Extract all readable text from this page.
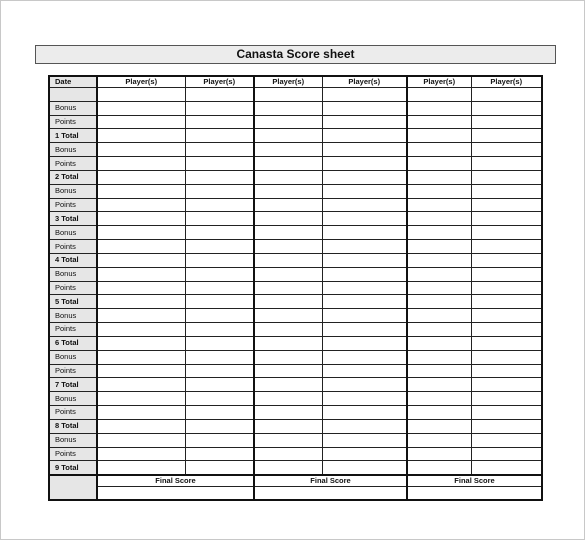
Canasta Score sheet
Date	Player(s)	Player(s)	Player(s)	Player(s)	Player(s)	Player(s)

Bonus						
Points						
1 Total						
Bonus						
Points						
2 Total						
Bonus						
Points						
3 Total						
Bonus						
Points						
4 Total						
Bonus						
Points						
5 Total						
Bonus						
Points						
6 Total						
Bonus						
Points						
7 Total						
Bonus						
Points						
8 Total						
Bonus						
Points						
9 Total						
	Final Score		Final Score		Final Score	
